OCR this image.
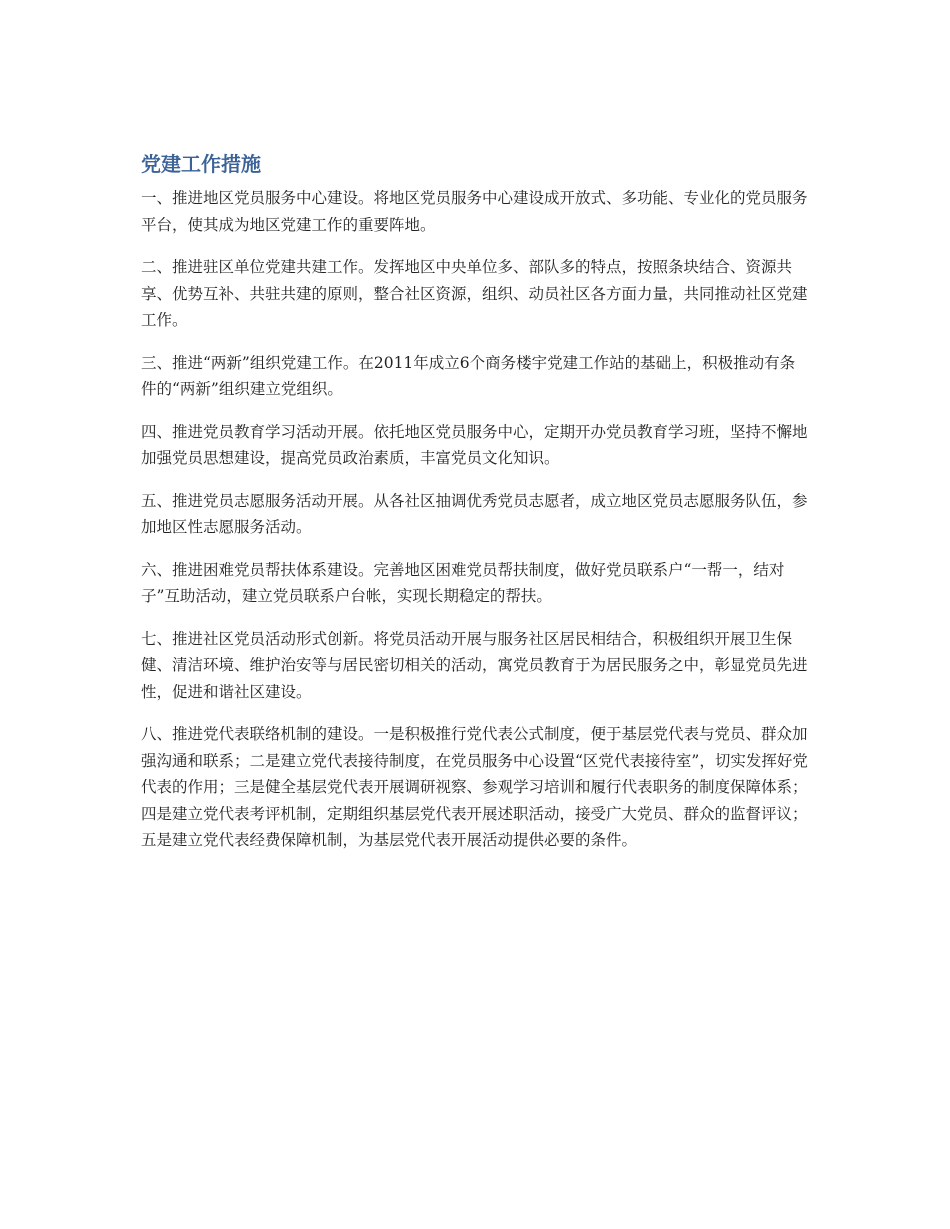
党建工作措施

一、推进地区党员服务中心建设。将地区党员服务中心建设成开放式、多功能、专业化的党员服务平台，使其成为地区党建工作的重要阵地。

二、推进驻区单位党建共建工作。发挥地区中央单位多、部队多的特点，按照条块结合、资源共享、优势互补、共驻共建的原则，整合社区资源，组织、动员社区各方面力量，共同推动社区党建工作。

三、推进“两新”组织党建工作。在2011年成立6个商务楼宇党建工作站的基础上，积极推动有条件的“两新”组织建立党组织。

四、推进党员教育学习活动开展。依托地区党员服务中心，定期开办党员教育学习班，坚持不懈地加强党员思想建设，提高党员政治素质，丰富党员文化知识。

五、推进党员志愿服务活动开展。从各社区抽调优秀党员志愿者，成立地区党员志愿服务队伍，参加地区性志愿服务活动。

六、推进困难党员帮扶体系建设。完善地区困难党员帮扶制度，做好党员联系户“一帮一，结对子”互助活动，建立党员联系户台帐，实现长期稳定的帮扶。

七、推进社区党员活动形式创新。将党员活动开展与服务社区居民相结合，积极组织开展卫生保健、清洁环境、维护治安等与居民密切相关的活动，寓党员教育于为居民服务之中，彰显党员先进性，促进和谐社区建设。

八、推进党代表联络机制的建设。一是积极推行党代表公式制度，便于基层党代表与党员、群众加强沟通和联系；二是建立党代表接待制度，在党员服务中心设置“区党代表接待室”，切实发挥好党代表的作用；三是健全基层党代表开展调研视察、参观学习培训和履行代表职务的制度保障体系；四是建立党代表考评机制，定期组织基层党代表开展述职活动，接受广大党员、群众的监督评议；五是建立党代表经费保障机制，为基层党代表开展活动提供必要的条件。
